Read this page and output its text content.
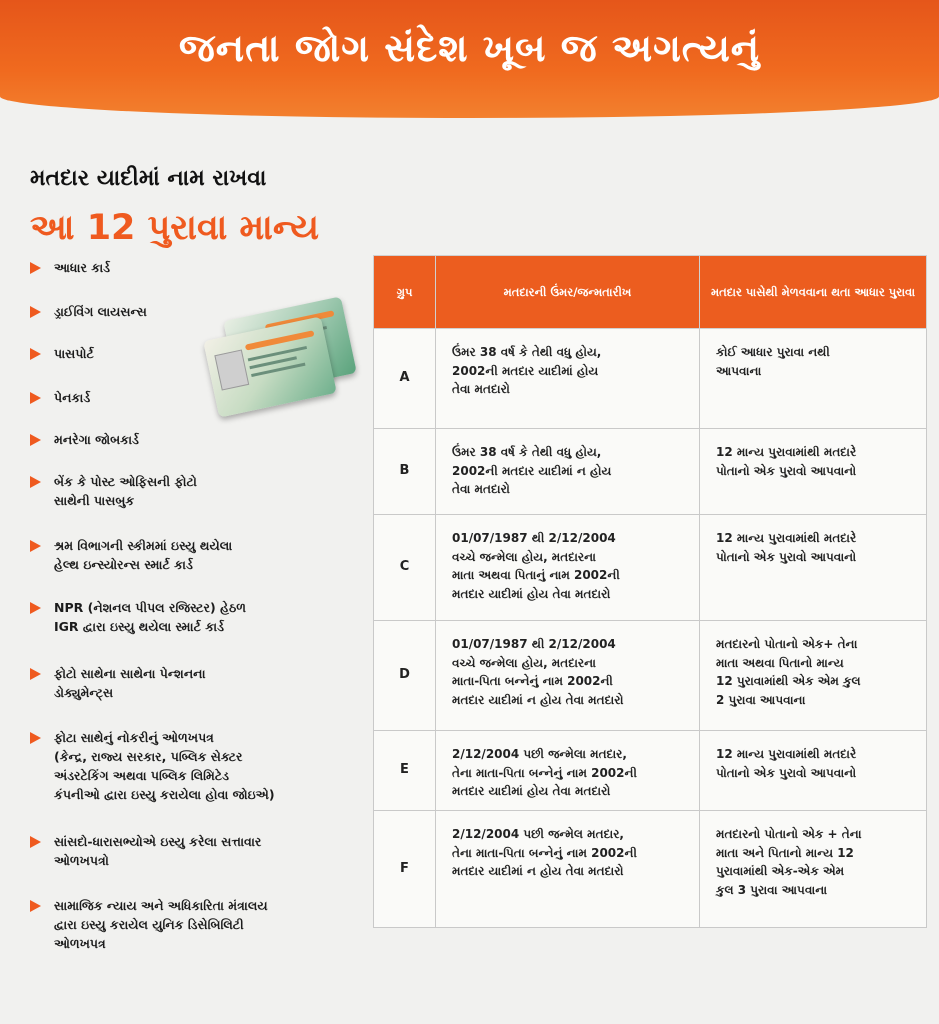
જનતા જોગ સંદેશ ખૂબ જ અગત્યનું
મતદાર યાદીમાં નામ રાખવા
આ 12 પુરાવા માન્ય
આધાર કાર્ડ
ડ્રાઈવિંગ લાયસન્સ
પાસપોર્ટ
પેનકાર્ડ
મનરેગા જોબકાર્ડ
બેંક કે પોસ્ટ ઓફિસની ફોટો
સાથેની પાસબુક
શ્રમ વિભાગની સ્કીમમાં ઇસ્યુ થયેલા
હેલ્થ ઇન્સ્યોરન્સ સ્માર્ટ કાર્ડ
NPR (નેશનલ પીપલ રજિસ્ટર) હેઠળ
IGR દ્વારા ઇસ્યુ થયેલા સ્માર્ટ કાર્ડ
ફોટો સાથેના સાથેના પેન્શનના
ડોક્યુમેન્ટ્સ
ફોટા સાથેનું નોકરીનું ઓળખપત્ર
(કેન્દ્ર, રાજ્ય સરકાર, પબ્લિક સેક્ટર
અંડરટેકિંગ અથવા પબ્લિક લિમિટેડ
કંપનીઓ દ્વારા ઇસ્યુ કરાયેલા હોવા જોઇએ)
સાંસદો-ધારાસભ્યોએ ઇસ્યુ કરેલા સત્તાવાર
ઓળખપત્રો
સામાજિક ન્યાય અને અધિકારિતા મંત્રાલય
દ્વારા ઇસ્યુ કરાયેલ યુનિક ડિસેબિલિટી
ઓળખપત્ર
ગ્રુપ	મતદારની ઉંમર/જન્મતારીખ	મતદાર પાસેથી મેળવવાના થતા આધાર પુરાવા
A	ઉંમર 38 વર્ષ કે તેથી વધુ હોય,
2002ની મતદાર યાદીમાં હોય
તેવા મતદારો	કોઈ આધાર પુરાવા નથી
આપવાના

B	ઉંમર 38 વર્ષ કે તેથી વધુ હોય,
2002ની મતદાર યાદીમાં ન હોય
તેવા મતદારો	12 માન્ય પુરાવામાંથી મતદારે
પોતાનો એક પુરાવો આપવાનો

C	01/07/1987 થી 2/12/2004
વચ્ચે જન્મેલા હોય, મતદારના
માતા અથવા પિતાનું નામ 2002ની
મતદાર યાદીમાં હોય તેવા મતદારો	12 માન્ય પુરાવામાંથી મતદારે
પોતાનો એક પુરાવો આપવાનો

D	01/07/1987 થી 2/12/2004
વચ્ચે જન્મેલા હોય, મતદારના
માતા-પિતા બન્નેનું નામ 2002ની
મતદાર યાદીમાં ન હોય તેવા મતદારો	મતદારનો પોતાનો એક+ તેના
માતા અથવા પિતાનો માન્ય
12 પુરાવામાંથી એક એમ કુલ
2 પુરાવા આપવાના

E	2/12/2004 પછી જન્મેલા મતદાર,
તેના માતા-પિતા બન્નેનું નામ 2002ની
મતદાર યાદીમાં હોય તેવા મતદારો	12 માન્ય પુરાવામાંથી મતદારે
પોતાનો એક પુરાવો આપવાનો

F	2/12/2004 પછી જન્મેલ મતદાર,
તેના માતા-પિતા બન્નેનું નામ 2002ની
મતદાર યાદીમાં ન હોય તેવા મતદારો	મતદારનો પોતાનો એક + તેના
માતા અને પિતાનો માન્ય 12
પુરાવામાંથી એક-એક એમ
કુલ 3 પુરાવા આપવાના
